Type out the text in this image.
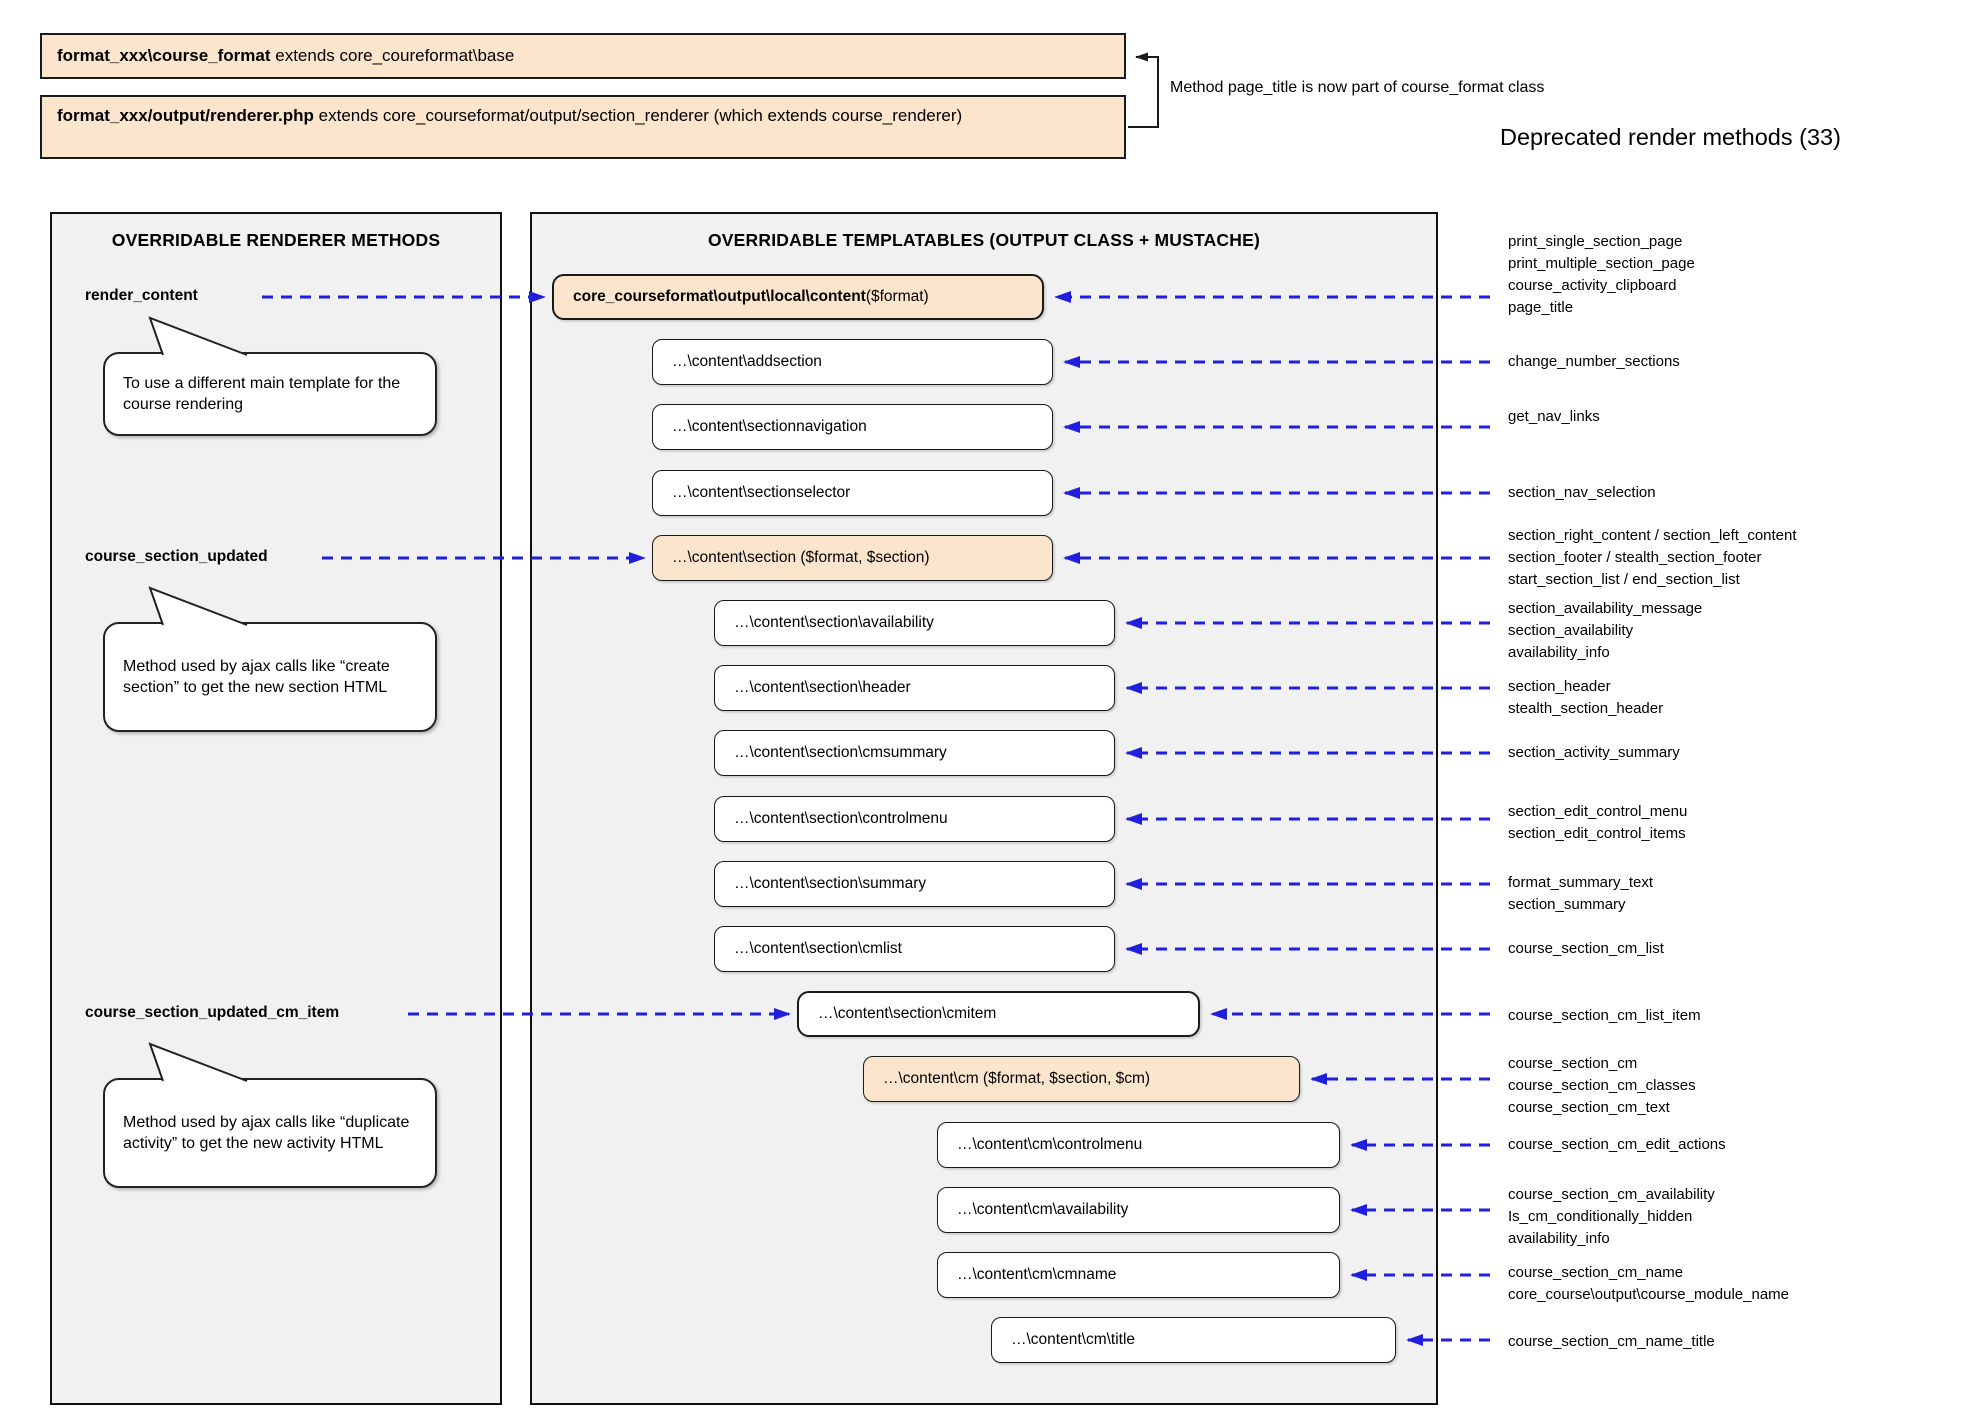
format_xxx\course_format extends core_coureformat\base
format_xxx/output/renderer.php extends core_courseformat/output/section_renderer (which extends course_renderer)
Method page_title is now part of course_format class
Deprecated render methods (33)
OVERRIDABLE RENDERER METHODS	OVERRIDABLE TEMPLATABLES (OUTPUT CLASS + MUSTACHE)
core_courseformat\output\local\content ($format)
…\content\addsection
…\content\sectionnavigation
…\content\sectionselector
…\content\section ($format, $section)
…\content\section\availability
…\content\section\header
…\content\section\cmsummary
…\content\section\controlmenu
…\content\section\summary
…\content\section\cmlist
…\content\section\cmitem
…\content\cm ($format, $section, $cm)
…\content\cm\controlmenu
…\content\cm\availability
…\content\cm\cmname
…\content\cm\title
render_content
To use a different main template for the course rendering
course_section_updated
Method used by ajax calls like “create section” to get the new section HTML
course_section_updated_cm_item
Method used by ajax calls like “duplicate activity” to get the new activity HTML
print_single_section_page
print_multiple_section_page
course_activity_clipboard
page_title
change_number_sections
get_nav_links
section_nav_selection
section_right_content / section_left_content
section_footer / stealth_section_footer
start_section_list / end_section_list
section_availability_message
section_availability
availability_info
section_header
stealth_section_header
section_activity_summary
section_edit_control_menu
section_edit_control_items
format_summary_text
section_summary
course_section_cm_list
course_section_cm_list_item
course_section_cm
course_section_cm_classes
course_section_cm_text
course_section_cm_edit_actions
course_section_cm_availability
Is_cm_conditionally_hidden
availability_info
course_section_cm_name
core_course\output\course_module_name
course_section_cm_name_title
